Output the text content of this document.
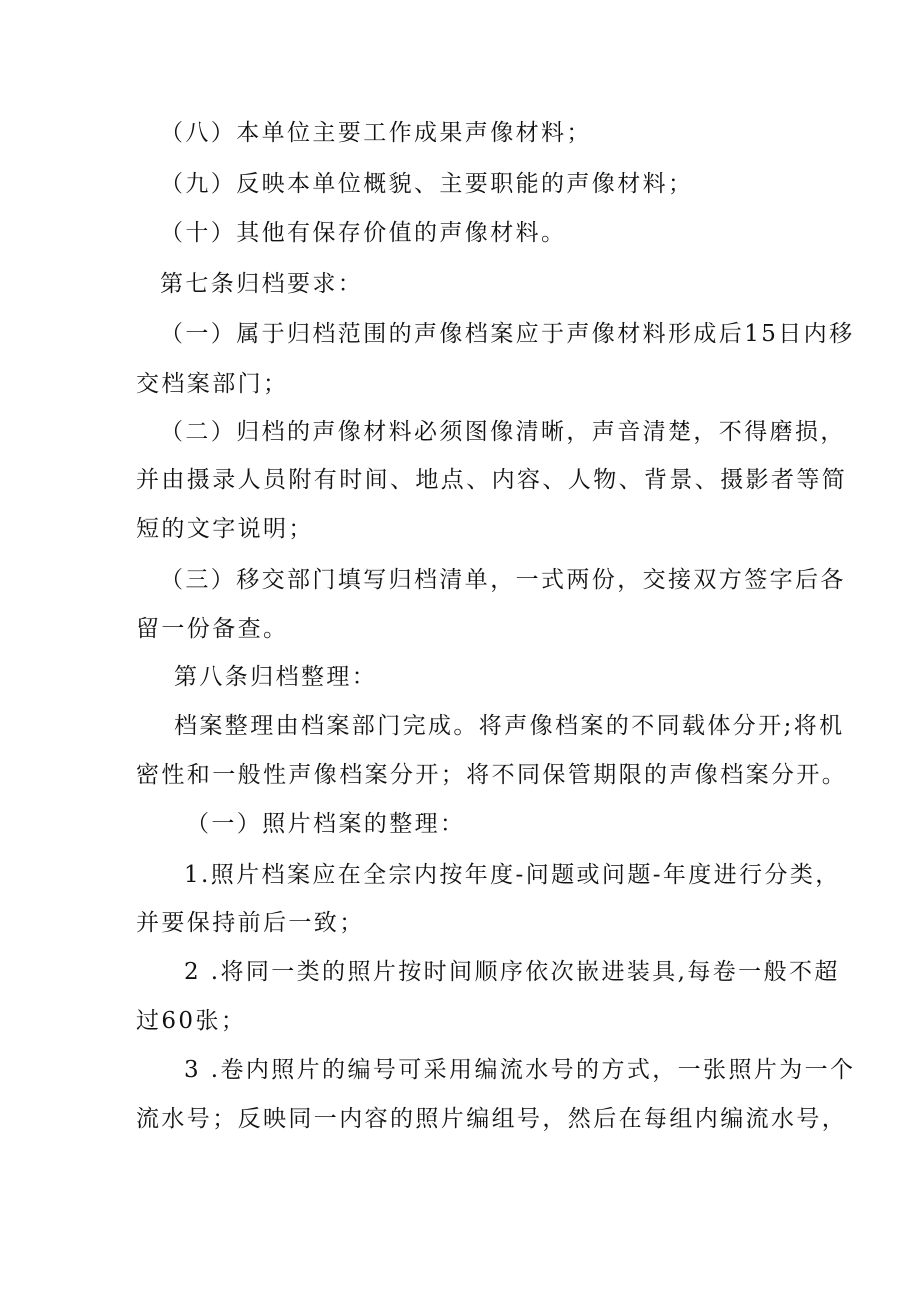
（八）本单位主要工作成果声像材料；
（九）反映本单位概貌、主要职能的声像材料；
（十）其他有保存价值的声像材料。
第七条归档要求：
（一）属于归档范围的声像档案应于声像材料形成后15日内移
交档案部门；
（二）归档的声像材料必须图像清晰，声音清楚，不得磨损，
并由摄录人员附有时间、地点、内容、人物、背景、摄影者等简
短的文字说明；
（三）移交部门填写归档清单，一式两份，交接双方签字后各
留一份备查。
第八条归档整理：
档案整理由档案部门完成。将声像档案的不同载体分开;将机
密性和一般性声像档案分开；将不同保管期限的声像档案分开。
（一）照片档案的整理：
1.照片档案应在全宗内按年度-问题或问题-年度进行分类，
并要保持前后一致；
2 .将同一类的照片按时间顺序依次嵌进装具,每卷一般不超
过60张；
3 .卷内照片的编号可采用编流水号的方式，一张照片为一个
流水号；反映同一内容的照片编组号，然后在每组内编流水号，
